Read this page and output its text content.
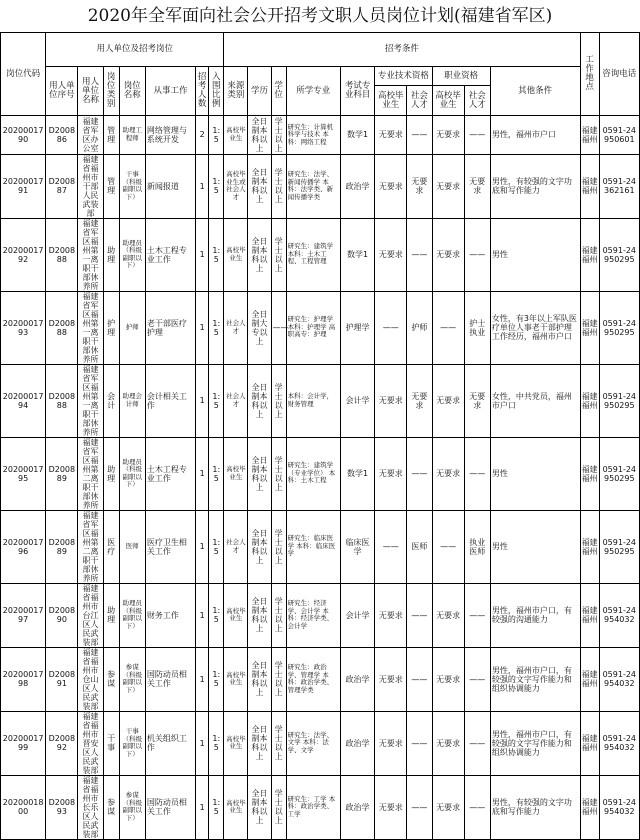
2020年全军面向社会公开招考文职人员岗位计划(福建省军区)
岗位代码	用人单位及招考岗位							招考条件										工作地点	咨询电话
	用人单位序号	用人单位名称	岗位类别	岗位名称	从事工作	招考人数	入围比例	来源类别	学历	学位	所学专业	考试专业科目	专业技术资格		职业资格		其他条件		
													高校毕业生	社会人才	高校毕业生	社会人才			
2020001790	D200886	福建省军区办公室	管理	助理工程师	网络管理与系统开发	2	1:5	高校毕业生	全日制本科以上	学士以上	研究生：计算机科学与技术 本科：网络工程	数学1	无要求	——	无要求	——	男性，福州市户口	福建福州	0591-24950601
2020001791	D200887	福建省福州市干部人民武装部	管理	干事（科级副职以下）	新闻报道	1	1:5	高校毕业生或社会人才	全日制本科以上	学士以上	研究生：法学、新闻传播学 本科：法学类、新闻传播学类	政治学	无要求	无要求	无要求	无要求	男性，有较强的文字功底和写作能力	福建福州	0591-24362161
2020001792	D200888	福建省军区福州第一离职干部休养所	助理	助理员（科级副职以下）	土木工程专业工作	1	1:5	高校毕业生	全日制本科以上	学士以上	研究生：建筑学 本科：土木工程、工程管理	数学1	无要求	——	无要求	——	男性	福建福州	0591-24950295
2020001793	D200888	福建省军区福州第一离职干部休养所	护理	护师	老干部医疗护理	1	1:5	社会人才	全日制大专以上	——	研究生：护理学 本科：护理学 高职高专：护理	护理学	——	护师	——	护士执业	女性，有3年以上军队医疗单位人事老干部护理工作经历，福州市户口	福建福州	0591-24950295
2020001794	D200888	福建省军区福州第一离职干部休养所	会计	助理会计师	会计相关工作	1	1:5	社会人才	全日制本科以上	学士以上	本科：会计学，财务管理	会计学	无要求	无要求	无要求	无要求	女性，中共党员，福州市户口	福建福州	0591-24950295
2020001795	D200889	福建省军区福州第二离职干部休养所	助理	助理员（科级副职以下）	土木工程专业工作	1	1:5	高校毕业生	全日制本科以上	学士以上	研究生：建筑学（专业学位） 本科：土木工程	数学1	无要求	——	无要求	——	男性	福建福州	0591-24950295
2020001796	D200889	福建省军区福州第二离职干部休养所	医疗	医师	医疗卫生相关工作	1	1:5	社会人才	全日制本科以上	学士以上	研究生：临床医学 本科：临床医学	临床医学	——	医师	——	执业医师	男性	福建福州	0591-24950295
2020001797	D200890	福建省福州市台江区人民武装部	助理	助理员（科级副职以下）	财务工作	1	1:5	高校毕业生	全日制本科以上	学士以上	研究生：经济学、会计学 本科：经济学类、会计学	会计学	无要求	——	无要求	——	男性，福州市户口，有较强的沟通能力	福建福州	0591-24954032
2020001798	D200891	福建省福州市仓山区人民武装部	参谋	参谋（科级副职以下）	国防动员相关工作	1	1:5	高校毕业生	全日制本科以上	学士以上	研究生：政治学、管理学 本科：政治学类、管理学类	政治学	无要求	——	无要求	——	男性，福州市户口，有较强的文字写作能力和组织协调能力	福建福州	0591-24954032
2020001799	D200892	福建省福州市晋安区人民武装部	干事	干事（科级副职以下）	机关组织工作	1	1:5	高校毕业生	全日制本科以上	学士以上	研究生：法学、文学 本科：法学、文学	政治学	无要求	——	无要求	——	男性，福州市户口，有较强的文字写作能力和组织协调能力	福建福州	0591-24954032
2020001800	D200893	福建省福州市长乐区人民武装部	参谋	参谋（科级副职以下）	国防动员相关工作	1	1:5	高校毕业生	全日制本科以上	学士以上	研究生：工学 本科：政治学类、工学	政治学	无要求	——	无要求	——	男性，有较强的文字功底和写作能力	福建福州	0591-24954032
